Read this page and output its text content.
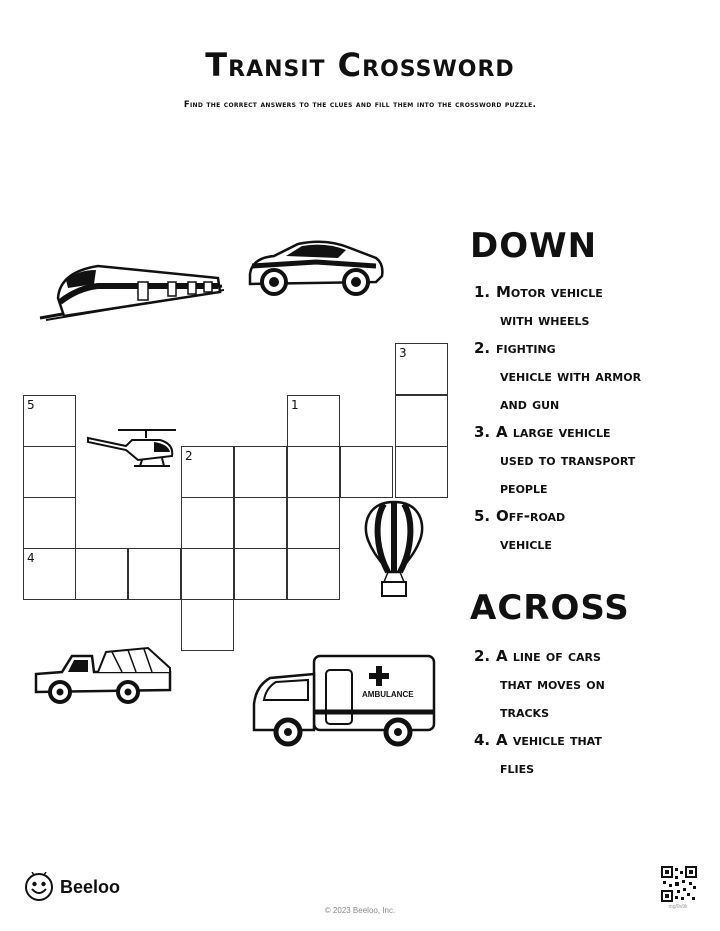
Transit Crossword
Find the correct answers to the clues and fill them into the crossword puzzle.
AMBULANCE
5
4
2
1
3
DOWN
1. Motor vehicle
with wheels
2. fighting
vehicle with armor
and gun
3. A large vehicle
used to transport
people
5. Off-road
vehicle
ACROSS
2. A line of cars
that moves on
tracks
4. A vehicle that
flies
Beeloo
© 2023 Beeloo, Inc.	mg/9x9k
